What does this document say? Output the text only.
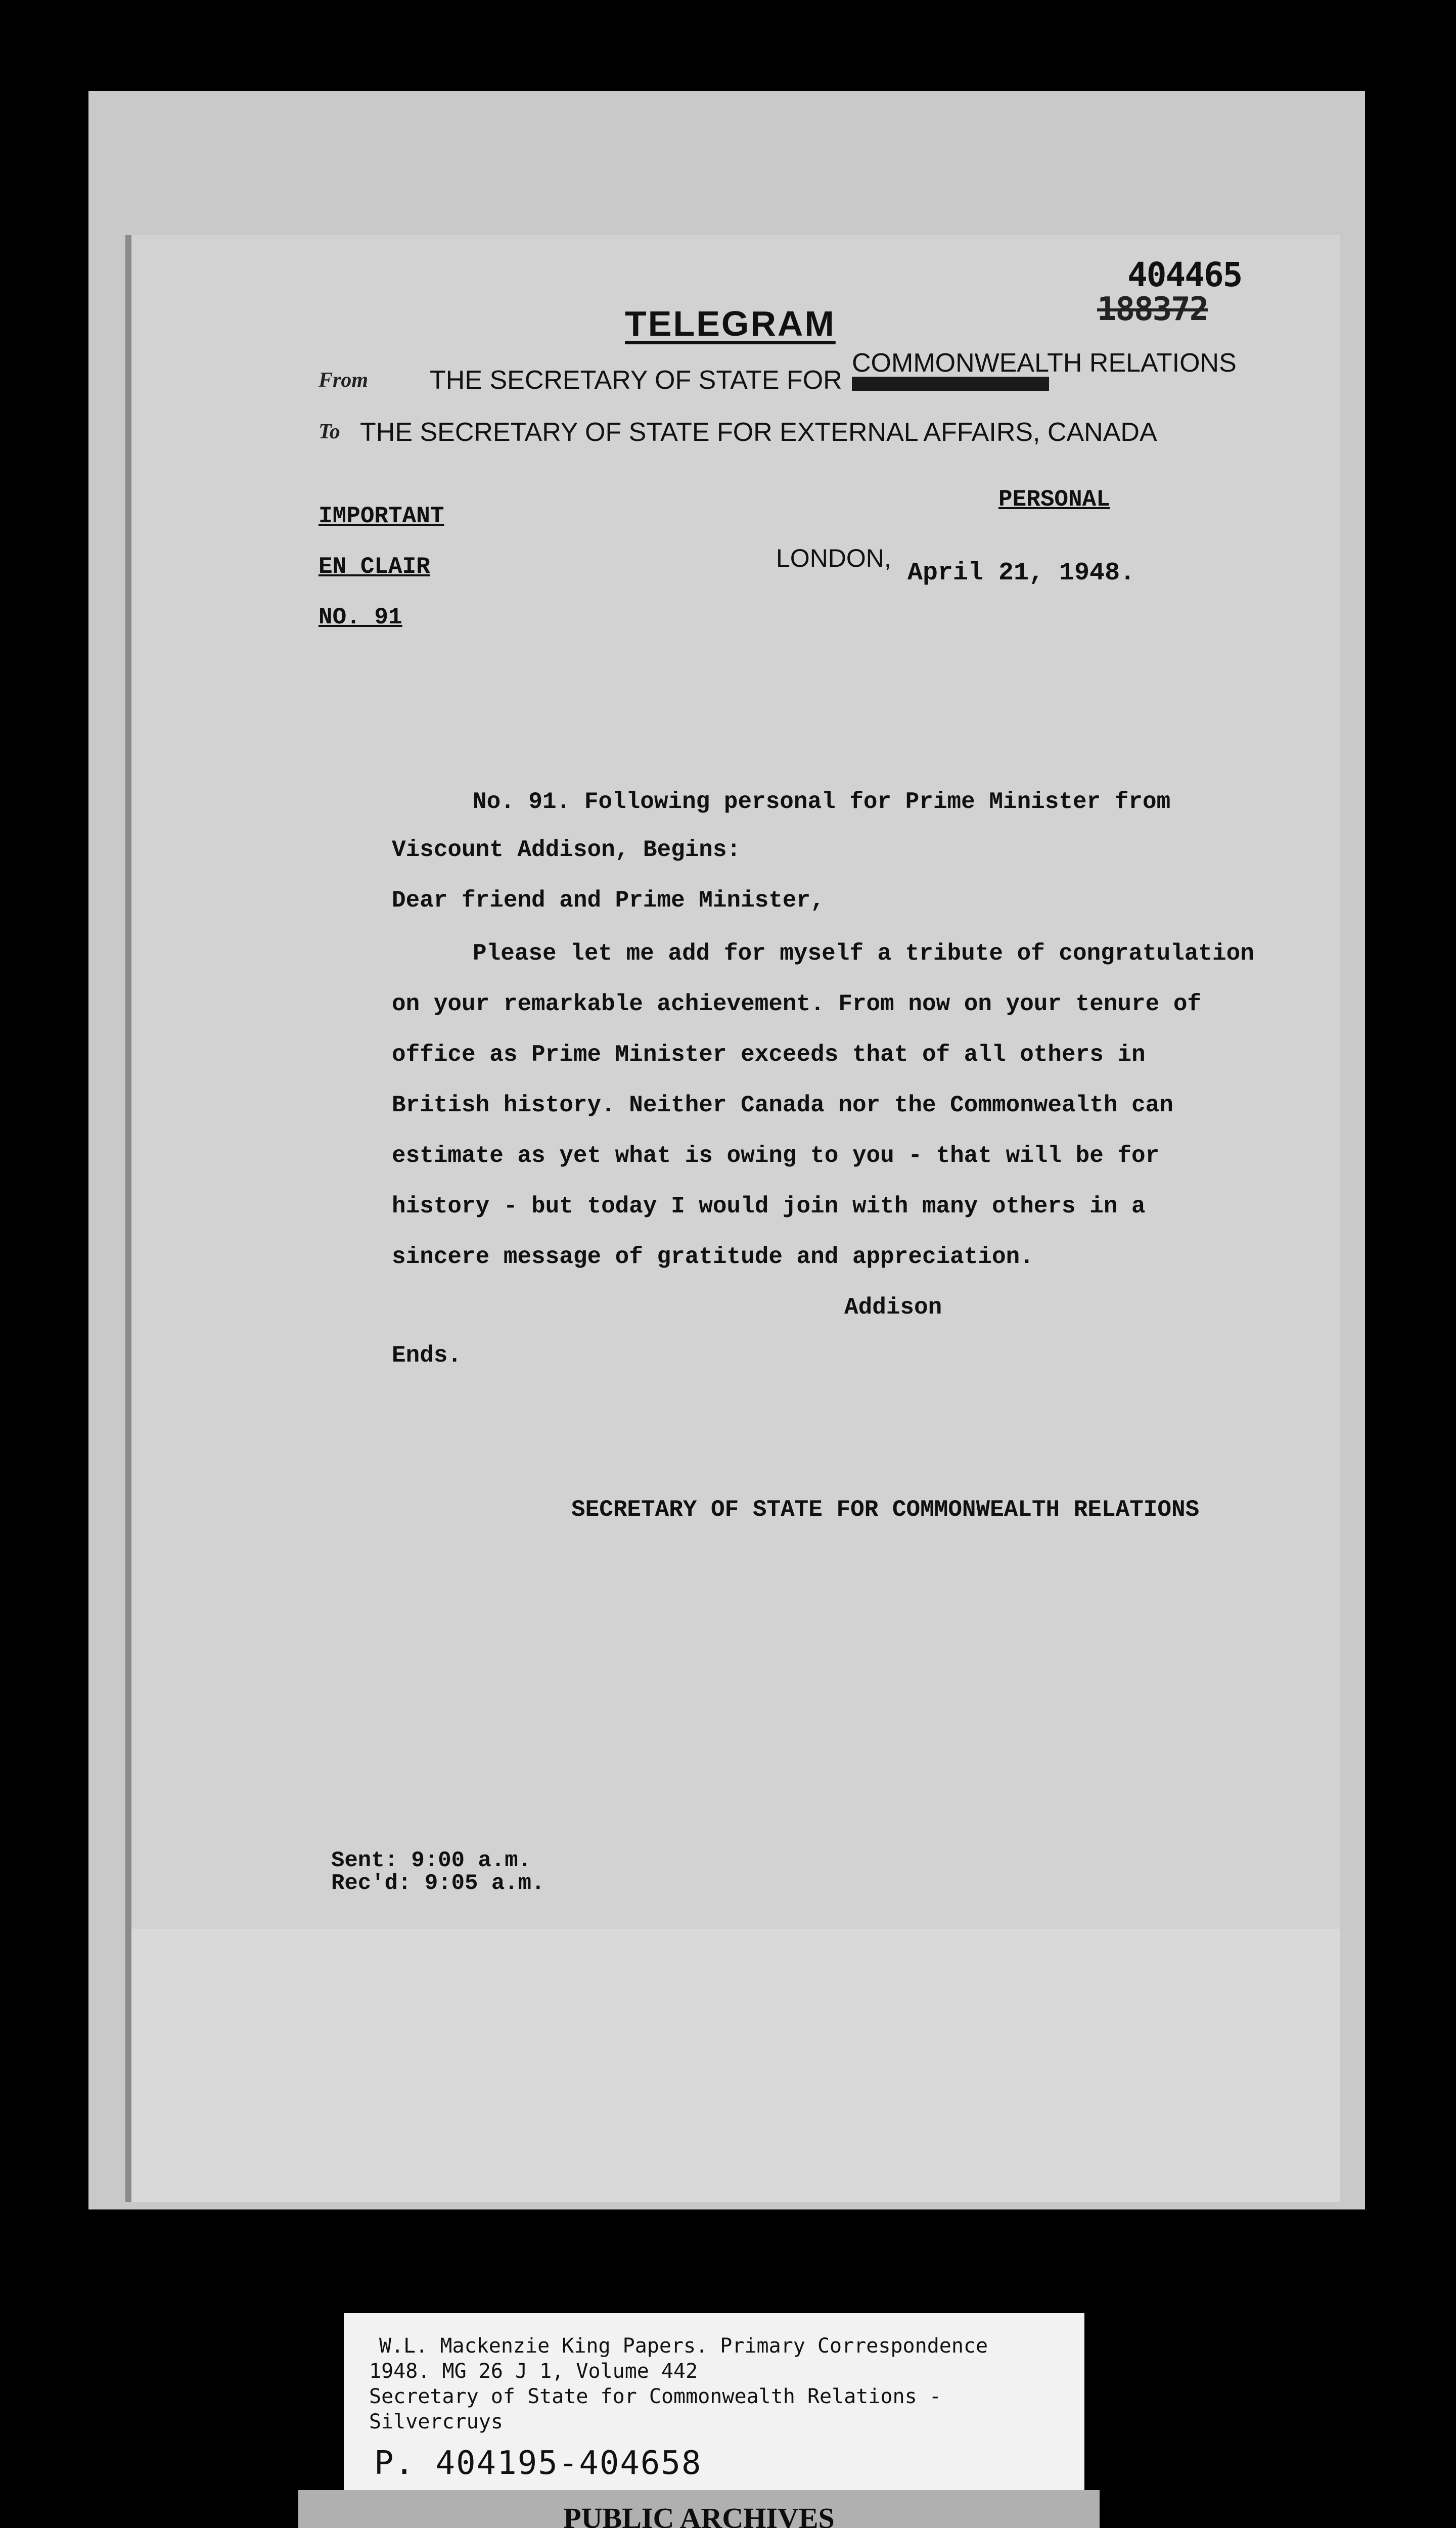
404465
188372
TELEGRAM
From THE SECRETARY OF STATE FOR
COMMONWEALTH RELATIONS
To THE SECRETARY OF STATE FOR EXTERNAL AFFAIRS, CANADA
IMPORTANT
EN CLAIR
NO. 91
PERSONAL
LONDON,
April 21, 1948.
No. 91. Following personal for Prime Minister from
Viscount Addison, Begins:
Dear friend and Prime Minister,
Please let me add for myself a tribute of congratulation
on your remarkable achievement. From now on your tenure of
office as Prime Minister exceeds that of all others in
British history. Neither Canada nor the Commonwealth can
estimate as yet what is owing to you - that will be for
history - but today I would join with many others in a
sincere message of gratitude and appreciation.
Addison
Ends.
SECRETARY OF STATE FOR COMMONWEALTH RELATIONS
Sent: 9:00 a.m.
Rec'd: 9:05 a.m.
W.L. Mackenzie King Papers. Primary Correspondence
1948. MG 26 J 1, Volume 442
Secretary of State for Commonwealth Relations -
Silvercruys
P. 404195-404658
PUBLIC ARCHIVES
